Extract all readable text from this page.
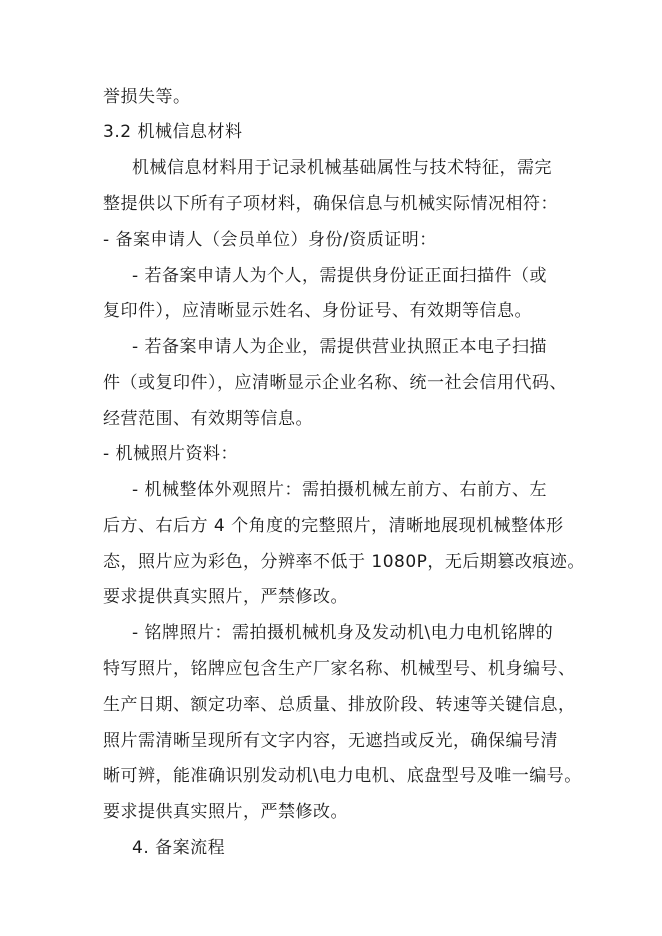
誉损失等。
3.2 机械信息材料
机械信息材料用于记录机械基础属性与技术特征，需完
整提供以下所有子项材料，确保信息与机械实际情况相符：
- 备案申请人（会员单位）身份/资质证明：
- 若备案申请人为个人，需提供身份证正面扫描件（或
复印件），应清晰显示姓名、身份证号、有效期等信息。
- 若备案申请人为企业，需提供营业执照正本电子扫描
件（或复印件），应清晰显示企业名称、统一社会信用代码、
经营范围、有效期等信息。
- 机械照片资料：
- 机械整体外观照片：需拍摄机械左前方、右前方、左
后方、右后方 4 个角度的完整照片，清晰地展现机械整体形
态，照片应为彩色，分辨率不低于 1080P，无后期篡改痕迹。
要求提供真实照片，严禁修改。
- 铭牌照片：需拍摄机械机身及发动机\电力电机铭牌的
特写照片，铭牌应包含生产厂家名称、机械型号、机身编号、
生产日期、额定功率、总质量、排放阶段、转速等关键信息，
照片需清晰呈现所有文字内容，无遮挡或反光，确保编号清
晰可辨，能准确识别发动机\电力电机、底盘型号及唯一编号。
要求提供真实照片，严禁修改。
4. 备案流程
